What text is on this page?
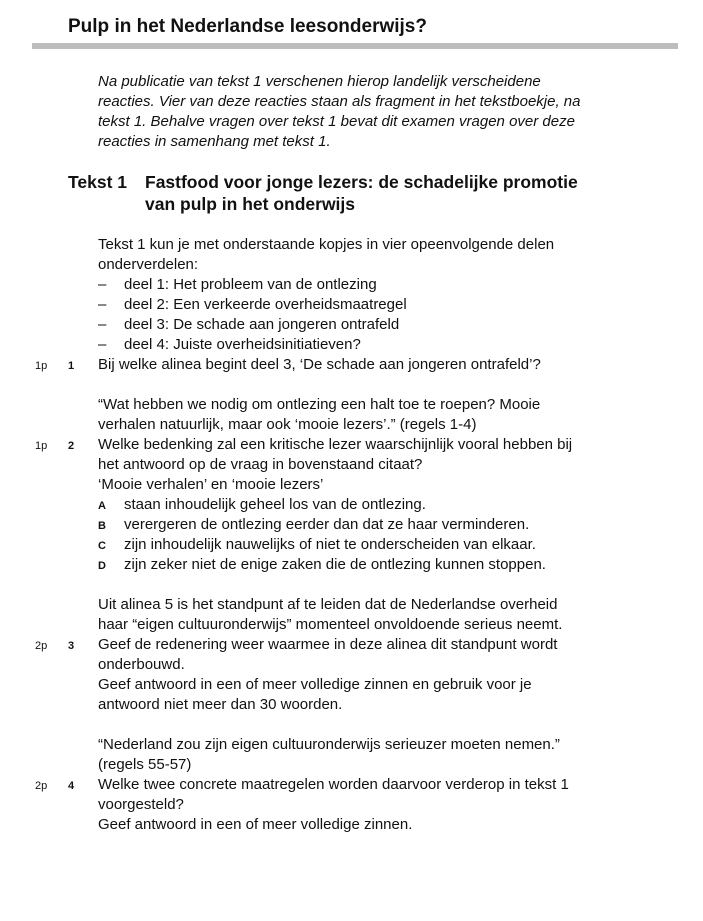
Pulp in het Nederlandse leesonderwijs?
Na publicatie van tekst 1 verschenen hierop landelijk verscheidene
reacties. Vier van deze reacties staan als fragment in het tekstboekje, na
tekst 1. Behalve vragen over tekst 1 bevat dit examen vragen over deze
reacties in samenhang met tekst 1.
Tekst 1 Fastfood voor jonge lezers: de schadelijke promotie
van pulp in het onderwijs
Tekst 1 kun je met onderstaande kopjes in vier opeenvolgende delen
onderverdelen:
– deel 1: Het probleem van de ontlezing
– deel 2: Een verkeerde overheidsmaatregel
– deel 3: De schade aan jongeren ontrafeld
– deel 4: Juiste overheidsinitiatieven?
1p 1 Bij welke alinea begint deel 3, ‘De schade aan jongeren ontrafeld’?
“Wat hebben we nodig om ontlezing een halt toe te roepen? Mooie
verhalen natuurlijk, maar ook ‘mooie lezers’.” (regels 1-4)
1p 2 Welke bedenking zal een kritische lezer waarschijnlijk vooral hebben bij
het antwoord op de vraag in bovenstaand citaat?
‘Mooie verhalen’ en ‘mooie lezers’
A staan inhoudelijk geheel los van de ontlezing.
B verergeren de ontlezing eerder dan dat ze haar verminderen.
C zijn inhoudelijk nauwelijks of niet te onderscheiden van elkaar.
D zijn zeker niet de enige zaken die de ontlezing kunnen stoppen.
Uit alinea 5 is het standpunt af te leiden dat de Nederlandse overheid
haar “eigen cultuuronderwijs” momenteel onvoldoende serieus neemt.
2p 3 Geef de redenering weer waarmee in deze alinea dit standpunt wordt
onderbouwd.
Geef antwoord in een of meer volledige zinnen en gebruik voor je
antwoord niet meer dan 30 woorden.
“Nederland zou zijn eigen cultuuronderwijs serieuzer moeten nemen.”
(regels 55-57)
2p 4 Welke twee concrete maatregelen worden daarvoor verderop in tekst 1
voorgesteld?
Geef antwoord in een of meer volledige zinnen.
